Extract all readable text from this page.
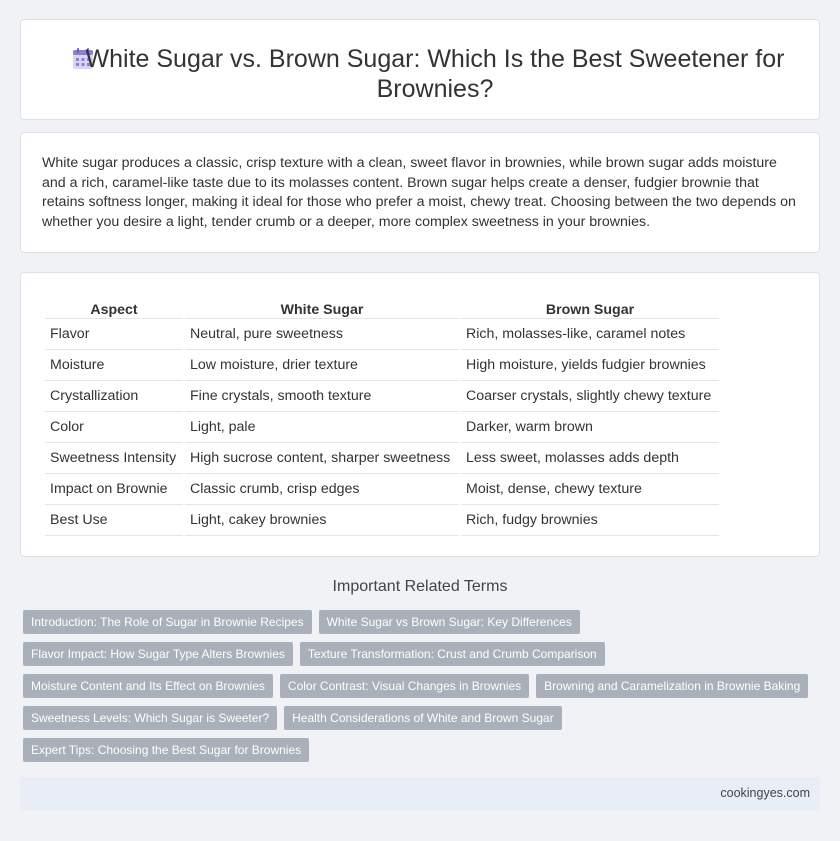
White Sugar vs. Brown Sugar: Which Is the Best Sweetener for Brownies?

White sugar produces a classic, crisp texture with a clean, sweet flavor in brownies, while brown sugar adds moisture and a rich, caramel-like taste due to its molasses content. Brown sugar helps create a denser, fudgier brownie that retains softness longer, making it ideal for those who prefer a moist, chewy treat. Choosing between the two depends on whether you desire a light, tender crumb or a deeper, more complex sweetness in your brownies.

Aspect	White Sugar	Brown Sugar
Flavor	Neutral, pure sweetness	Rich, molasses-like, caramel notes
Moisture	Low moisture, drier texture	High moisture, yields fudgier brownies
Crystallization	Fine crystals, smooth texture	Coarser crystals, slightly chewy texture
Color	Light, pale	Darker, warm brown
Sweetness Intensity	High sucrose content, sharper sweetness	Less sweet, molasses adds depth
Impact on Brownie	Classic crumb, crisp edges	Moist, dense, chewy texture
Best Use	Light, cakey brownies	Rich, fudgy brownies
Important Related Terms
Introduction: The Role of Sugar in Brownie Recipes	White Sugar vs Brown Sugar: Key Differences
Flavor Impact: How Sugar Type Alters Brownies	Texture Transformation: Crust and Crumb Comparison
Moisture Content and Its Effect on Brownies	Color Contrast: Visual Changes in Brownies	Browning and Caramelization in Brownie Baking
Sweetness Levels: Which Sugar is Sweeter?	Health Considerations of White and Brown Sugar
Expert Tips: Choosing the Best Sugar for Brownies
cookingyes.com
